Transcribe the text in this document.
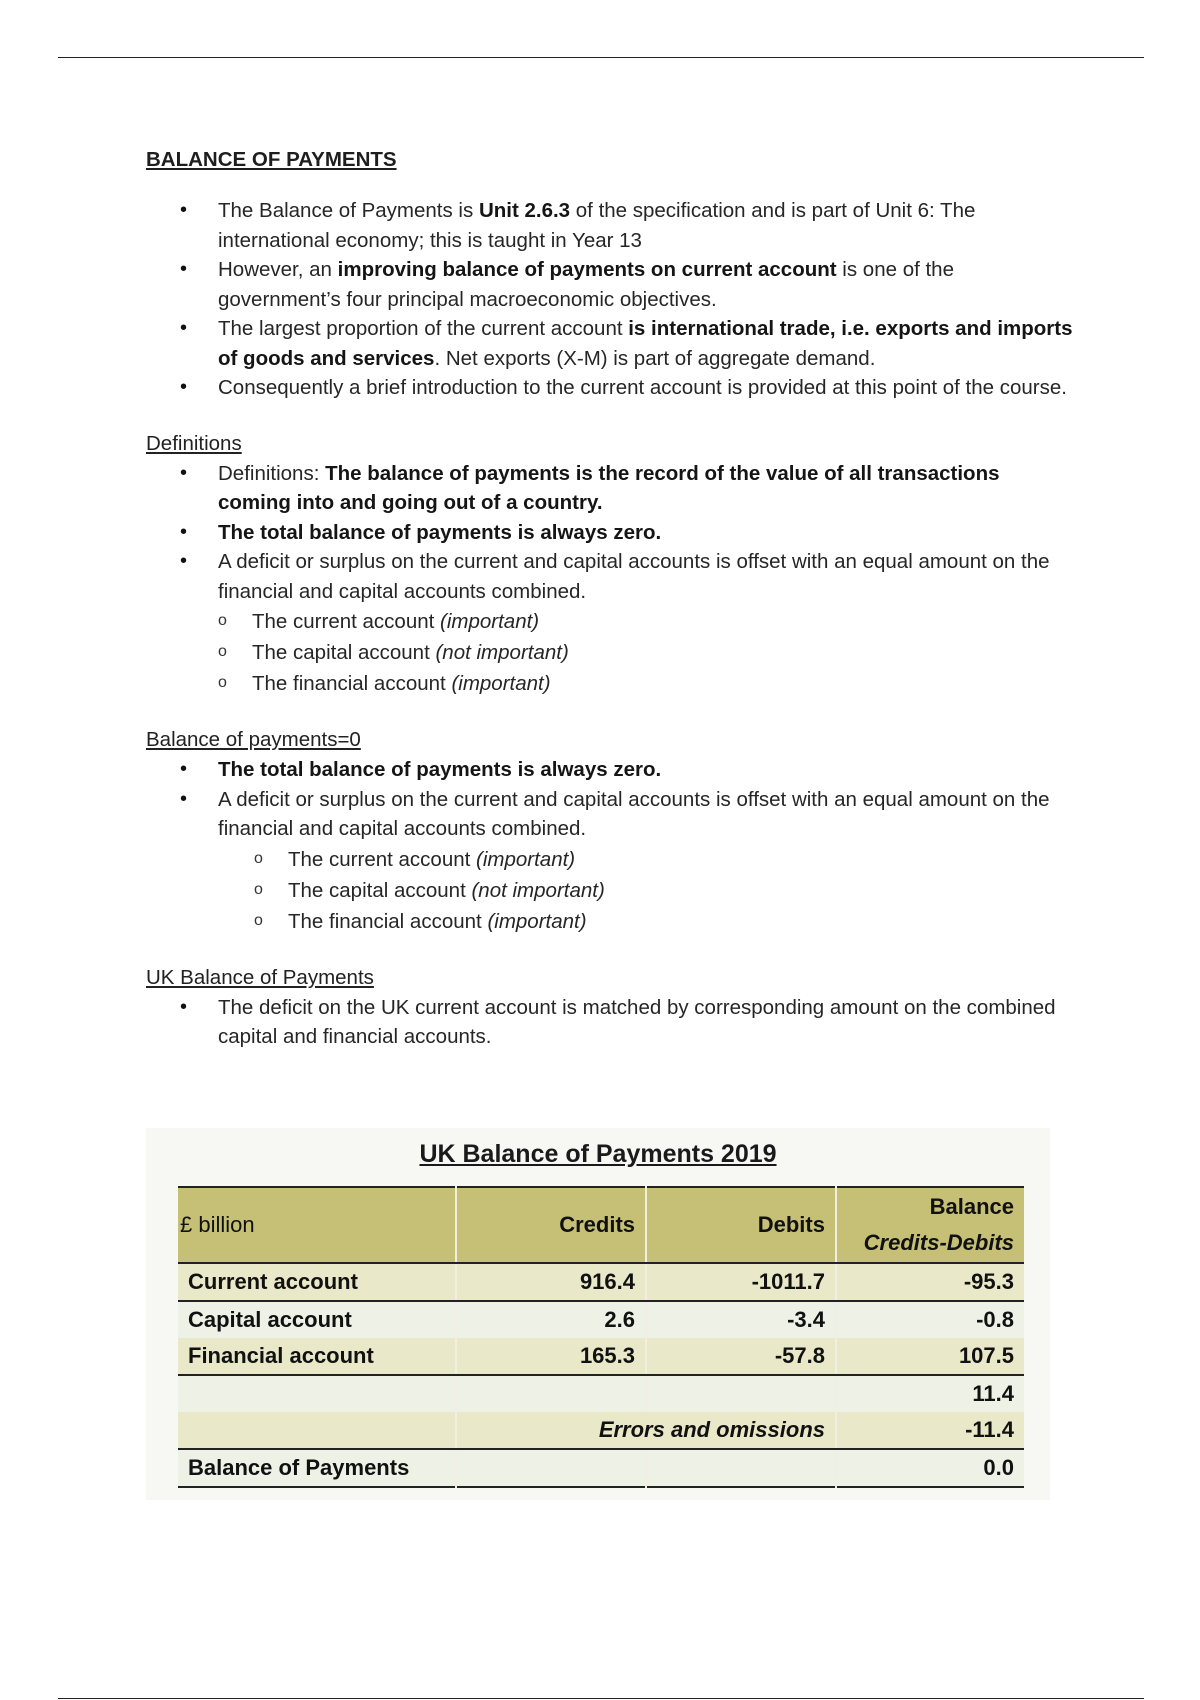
BALANCE OF PAYMENTS
• The Balance of Payments is Unit 2.6.3 of the specification and is part of Unit 6: The international economy; this is taught in Year 13
• However, an improving balance of payments on current account is one of the government’s four principal macroeconomic objectives.
• The largest proportion of the current account is international trade, i.e. exports and imports of goods and services. Net exports (X-M) is part of aggregate demand.
• Consequently a brief introduction to the current account is provided at this point of the course.
Definitions
• Definitions: The balance of payments is the record of the value of all transactions coming into and going out of a country.
• The total balance of payments is always zero.
• A deficit or surplus on the current and capital accounts is offset with an equal amount on the financial and capital accounts combined.
o The current account (important)
o The capital account (not important)
o The financial account (important)
Balance of payments=0
• The total balance of payments is always zero.
• A deficit or surplus on the current and capital accounts is offset with an equal amount on the financial and capital accounts combined.
o The current account (important)
o The capital account (not important)
o The financial account (important)
UK Balance of Payments
• The deficit on the UK current account is matched by corresponding amount on the combined capital and financial accounts.
UK Balance of Payments 2019
£ billion	Credits	Debits	Balance
Credits-Debits

Current account	916.4	-1011.7	-95.3
Capital account	2.6	-3.4	-0.8
Financial account	165.3	-57.8	107.5
			11.4
	Errors and omissions		-11.4
Balance of Payments			0.0
